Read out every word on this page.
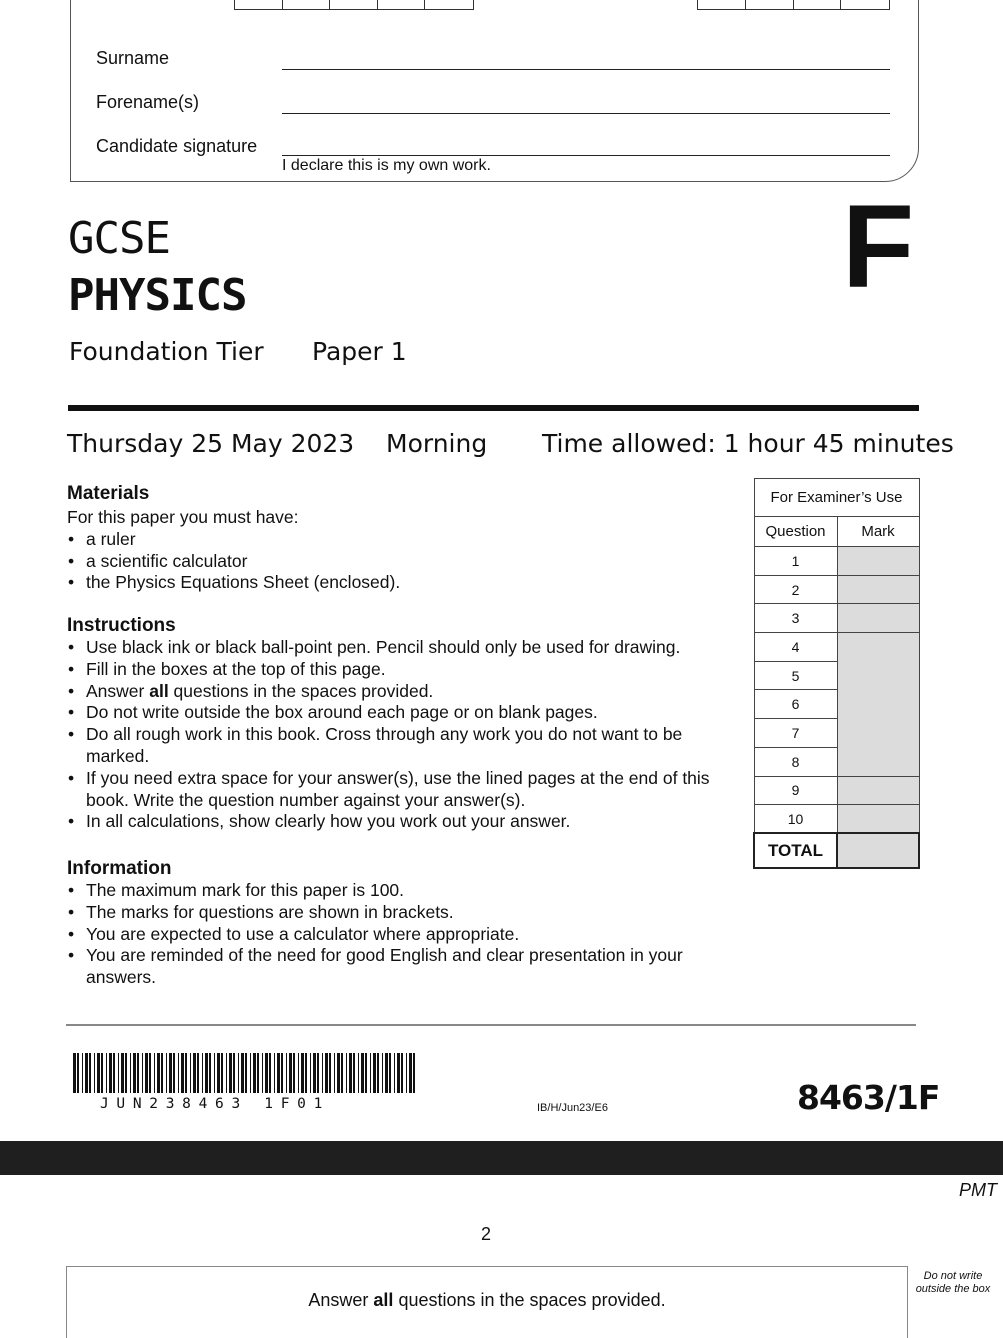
Surname
Forename(s)
Candidate signature
I declare this is my own work.
GCSE
PHYSICS	F
Foundation Tier Paper 1
Thursday 25 May 2023 Morning Time allowed: 1 hour 45 minutes
Materials
For this paper you must have:
• a ruler
• a scientific calculator
• the Physics Equations Sheet (enclosed).
Instructions
• Use black ink or black ball-point pen. Pencil should only be used for drawing.
• Fill in the boxes at the top of this page.
• Answer all questions in the spaces provided.
• Do not write outside the box around each page or on blank pages.
• Do all rough work in this book. Cross through any work you do not want to be marked.
• If you need extra space for your answer(s), use the lined pages at the end of this book. Write the question number against your answer(s).
• In all calculations, show clearly how you work out your answer.
Information
• The maximum mark for this paper is 100.
• The marks for questions are shown in brackets.
• You are expected to use a calculator where appropriate.
• You are reminded of the need for good English and clear presentation in your answers.
For Examiner’s Use	
Question	Mark
1	
2	
3	
4	
5	
6	
7	
8	
9	
10	
TOTAL	
JUN238463 1F01	IB/H/Jun23/E6	8463/1F
PMT
2
Answer all questions in the spaces provided.
Do not write outside the box
